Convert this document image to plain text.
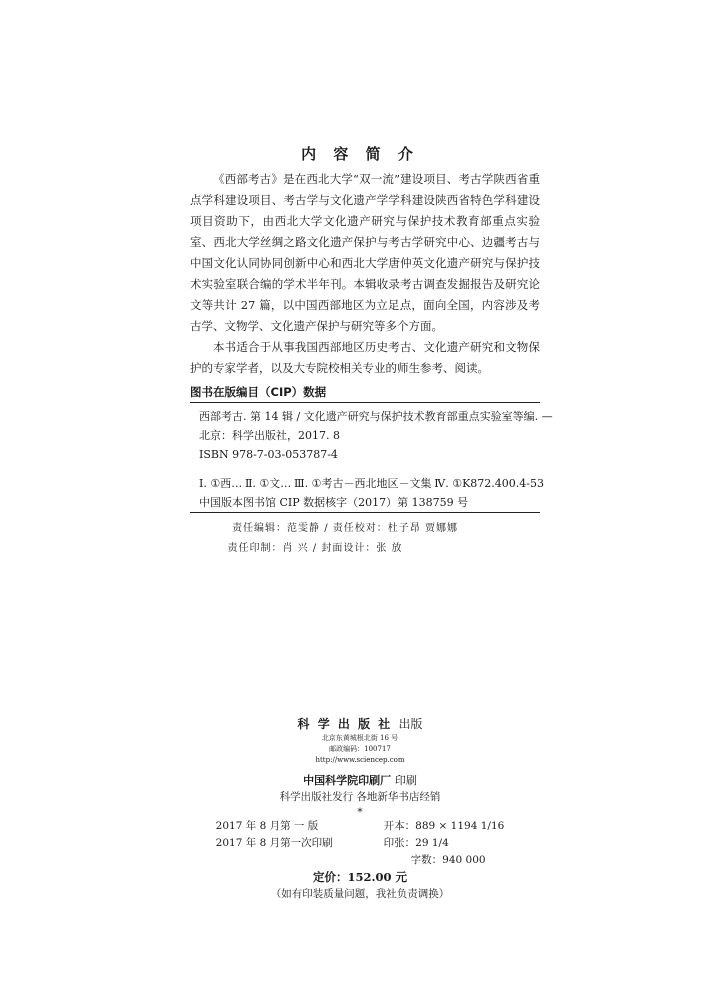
内 容 简 介

《西部考古》是在西北大学“双一流”建设项目、考古学陕西省重点学科建设项目、考古学与文化遗产学学科建设陕西省特色学科建设项目资助下，由西北大学文化遗产研究与保护技术教育部重点实验室、西北大学丝绸之路文化遗产保护与考古学研究中心、边疆考古与中国文化认同协同创新中心和西北大学唐仲英文化遗产研究与保护技术实验室联合编的学术半年刊。本辑收录考古调查发掘报告及研究论文等共计 27 篇，以中国西部地区为立足点，面向全国，内容涉及考古学、文物学、文化遗产保护与研究等多个方面。

本书适合于从事我国西部地区历史考古、文化遗产研究和文物保护的专家学者，以及大专院校相关专业的师生参考、阅读。

图书在版编目（CIP）数据
西部考古. 第 14 辑 / 文化遗产研究与保护技术教育部重点实验室等编. —
北京：科学出版社，2017. 8
ISBN 978-7-03-053787-4
Ⅰ. ①西… Ⅱ. ①文… Ⅲ. ①考古－西北地区－文集 Ⅳ. ①K872.400.4-53
中国版本图书馆 CIP 数据核字（2017）第 138759 号
责任编辑：范雯静 / 责任校对：杜子昂 贾娜娜
责任印制：肖 兴 / 封面设计：张 放
科 学 出 版 社 出版
北京东黄城根北街 16 号
邮政编码：100717
http://www.sciencep.com
中国科学院印刷厂 印刷
科学出版社发行 各地新华书店经销
*
2017 年 8 月第 一 版	开本：889 × 1194 1/16
2017 年 8 月第一次印刷	印张：29 1/4
字数：940 000
定价：152.00 元
（如有印装质量问题，我社负责调换）
